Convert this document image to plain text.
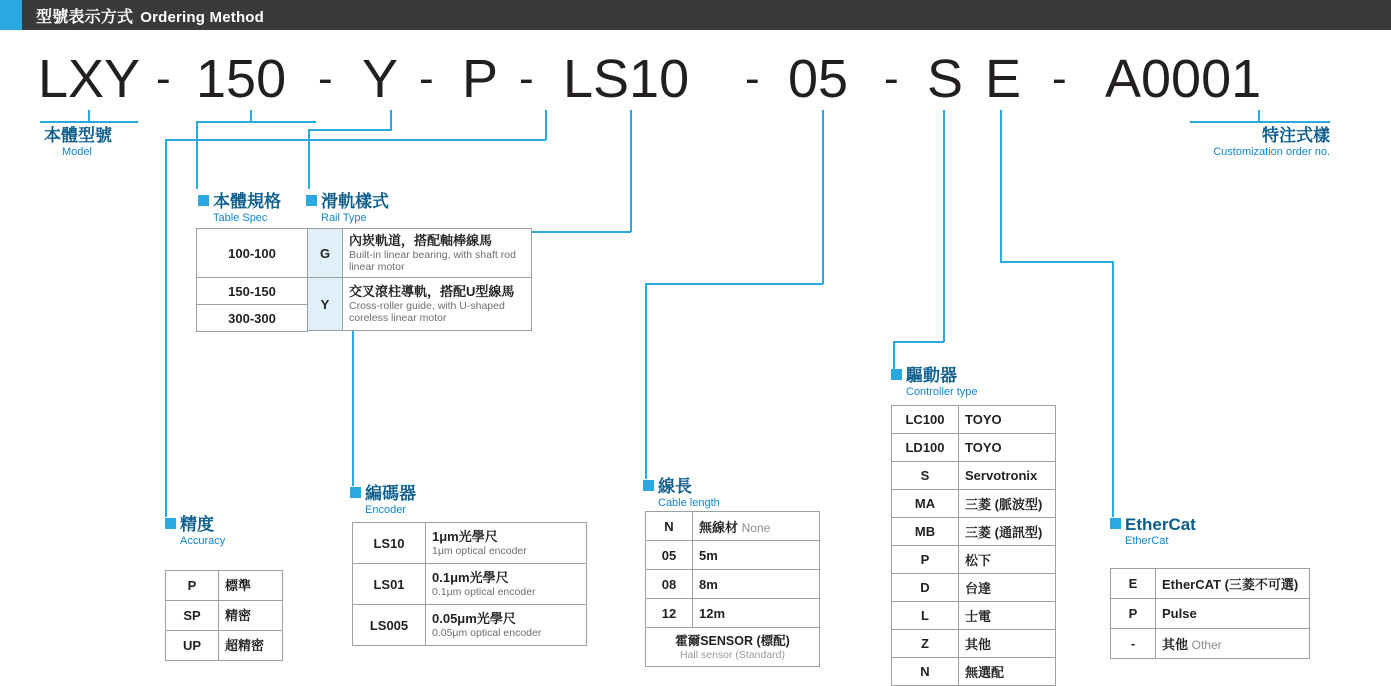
型號表示方式 Ordering Method
LXY - 150 - Y - P - LS10 - 05 - S E - A0001
本體型號
Model
本體規格
Table Spec
滑軌樣式
Rail Type
精度
Accuracy
編碼器
Encoder
線長
Cable length
驅動器
Controller type
EtherCat
EtherCat
特注式樣
Customization order no.
100-100
150-150
300-300
G	內崁軌道，搭配軸棒線馬
Built-in linear bearing, with shaft rod linear motor

Y	交叉滾柱導軌，搭配U型線馬
Cross-roller guide, with U-shaped coreless linear motor
P	標準

SP	精密

UP	超精密
LS10	1μm光學尺
1μm optical encoder

LS01	0.1μm光學尺
0.1μm optical encoder

LS005	0.05μm光學尺
0.05μm optical encoder
N	無線材 None
05	5m
08	8m
12	12m

霍爾SENSOR (標配)
Hall sensor (Standard)	
LC100	TOYO
LD100	TOYO
S	Servotronix
MA	三菱 (脈波型)
MB	三菱 (通訊型)
P	松下
D	台達
L	士電
Z	其他
N	無選配
E	EtherCAT (三菱不可選)
P	Pulse
-	其他 Other
